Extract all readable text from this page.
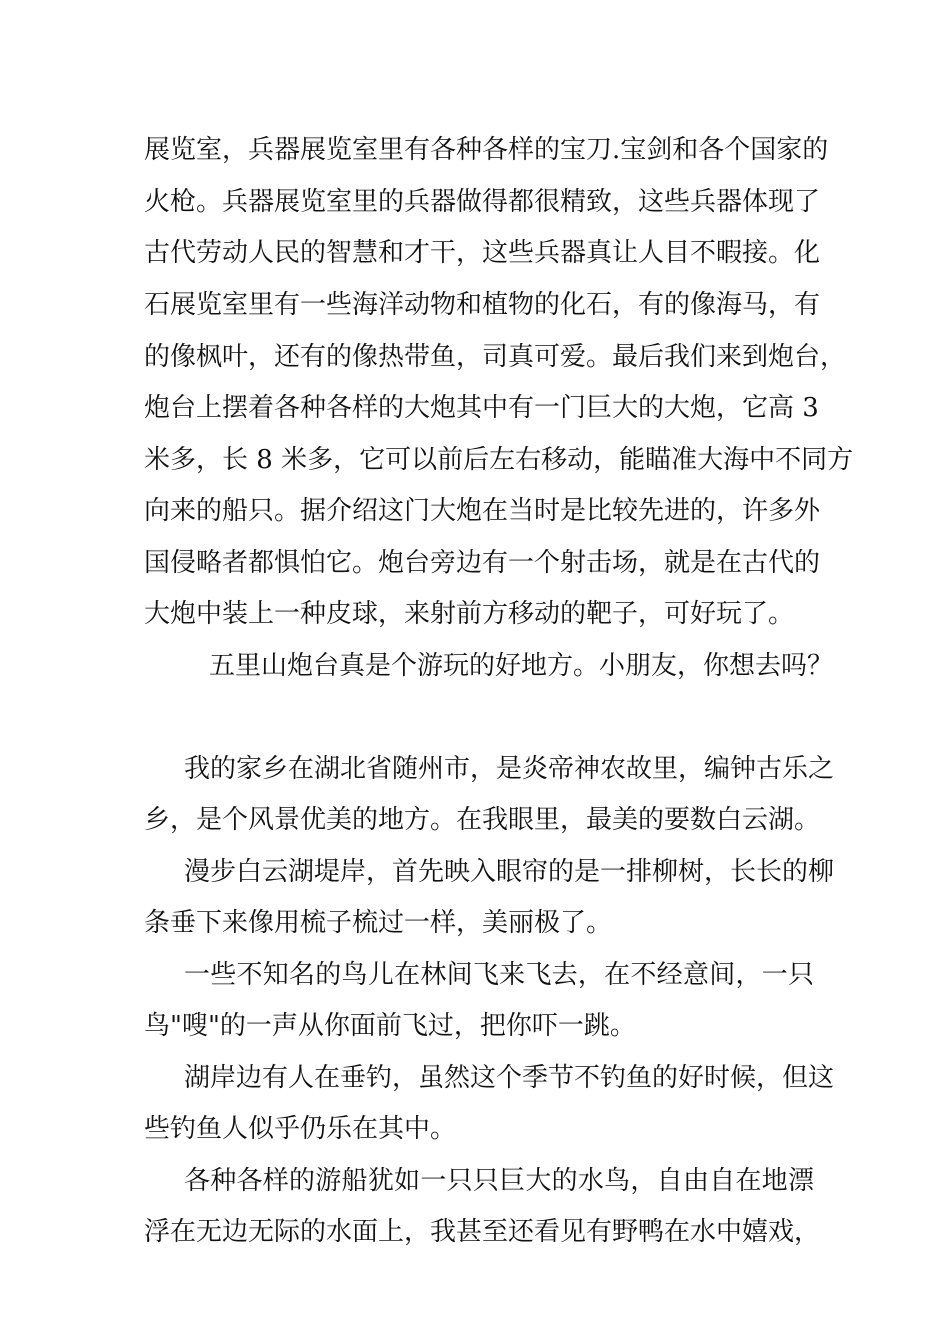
展览室，兵器展览室里有各种各样的宝刀.宝剑和各个国家的
火枪。兵器展览室里的兵器做得都很精致，这些兵器体现了
古代劳动人民的智慧和才干，这些兵器真让人目不暇接。化
石展览室里有一些海洋动物和植物的化石，有的像海马，有
的像枫叶，还有的像热带鱼，司真可爱。最后我们来到炮台，
炮台上摆着各种各样的大炮其中有一门巨大的大炮，它高 3
米多，长 8 米多，它可以前后左右移动，能瞄准大海中不同方
向来的船只。据介绍这门大炮在当时是比较先进的，许多外
国侵略者都惧怕它。炮台旁边有一个射击场，就是在古代的
大炮中装上一种皮球，来射前方移动的靶子，可好玩了。
五里山炮台真是个游玩的好地方。小朋友，你想去吗？
我的家乡在湖北省随州市，是炎帝神农故里，编钟古乐之
乡，是个风景优美的地方。在我眼里，最美的要数白云湖。
漫步白云湖堤岸，首先映入眼帘的是一排柳树，长长的柳
条垂下来像用梳子梳过一样，美丽极了。
一些不知名的鸟儿在林间飞来飞去，在不经意间，一只
鸟"嗖"的一声从你面前飞过，把你吓一跳。
湖岸边有人在垂钓，虽然这个季节不钓鱼的好时候，但这
些钓鱼人似乎仍乐在其中。
各种各样的游船犹如一只只巨大的水鸟，自由自在地漂
浮在无边无际的水面上，我甚至还看见有野鸭在水中嬉戏，
